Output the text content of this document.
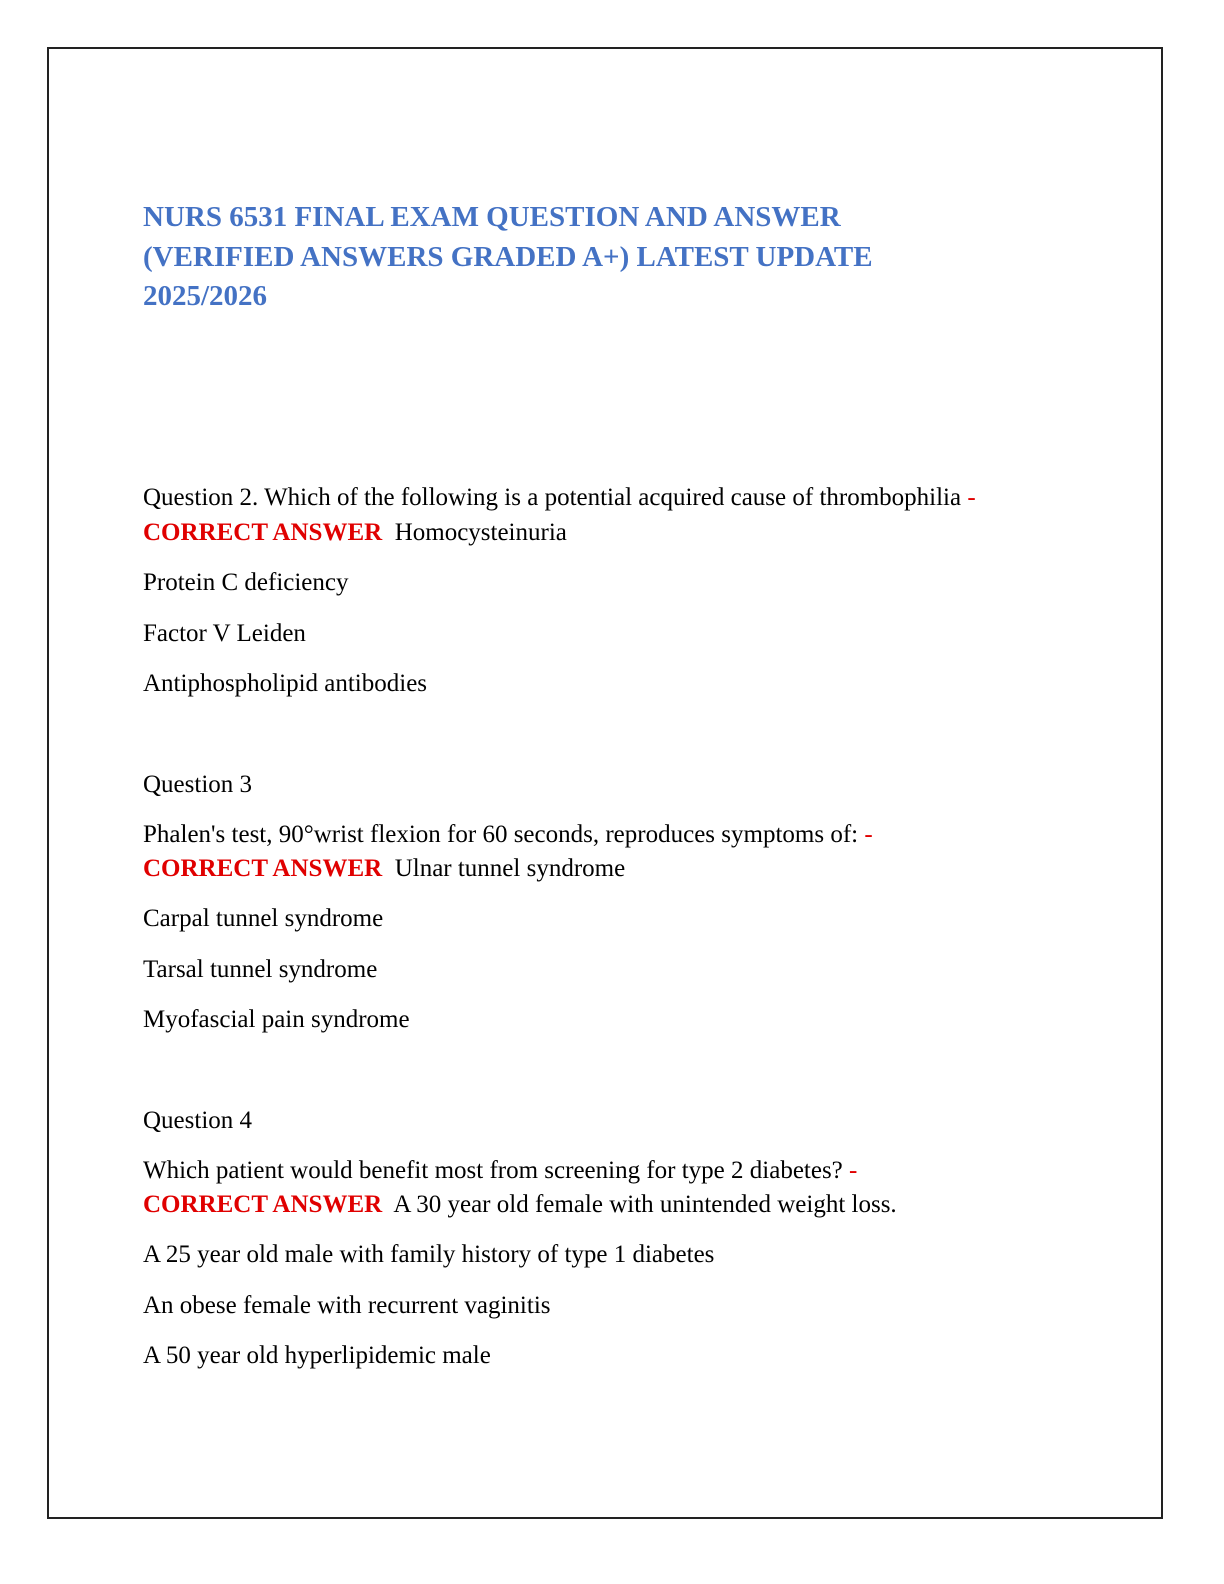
NURS 6531 FINAL EXAM QUESTION AND ANSWER
(VERIFIED ANSWERS GRADED A+) LATEST UPDATE
2025/2026

Question 2. Which of the following is a potential acquired cause of thrombophilia -

CORRECT ANSWER Homocysteinuria

Protein C deficiency

Factor V Leiden

Antiphospholipid antibodies

Question 3

Phalen's test, 90°wrist flexion for 60 seconds, reproduces symptoms of: -

CORRECT ANSWER Ulnar tunnel syndrome

Carpal tunnel syndrome

Tarsal tunnel syndrome

Myofascial pain syndrome

Question 4

Which patient would benefit most from screening for type 2 diabetes? -

CORRECT ANSWER A 30 year old female with unintended weight loss.

A 25 year old male with family history of type 1 diabetes

An obese female with recurrent vaginitis

A 50 year old hyperlipidemic male
